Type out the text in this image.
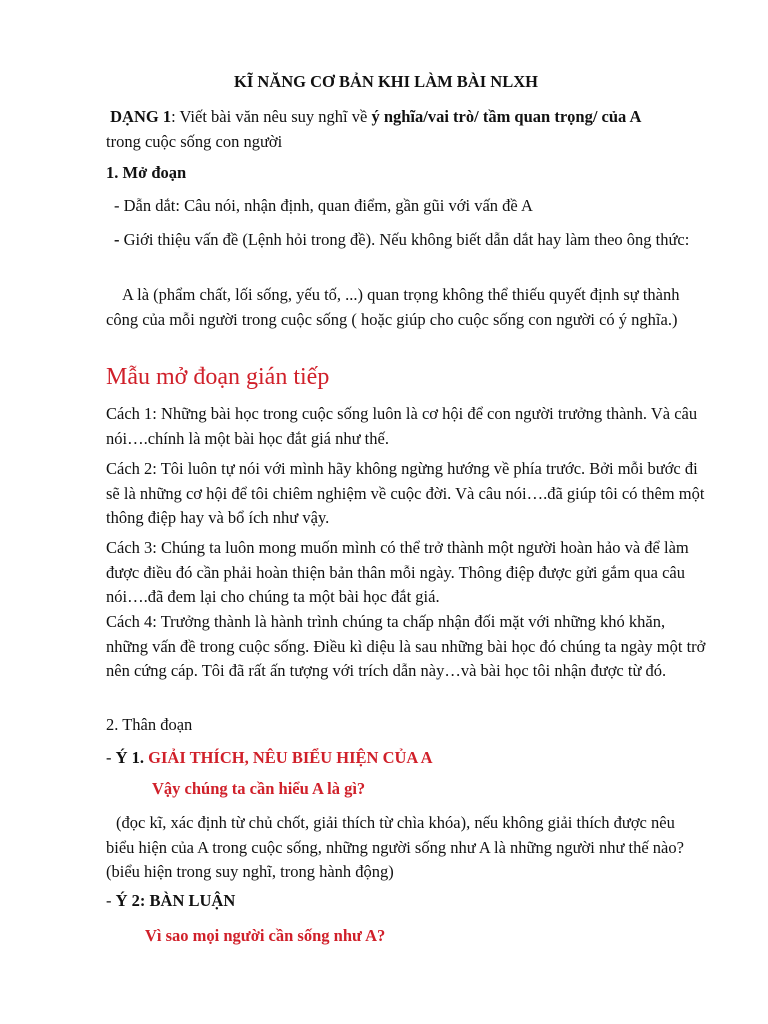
KĨ NĂNG CƠ BẢN KHI LÀM BÀI NLXH

DẠNG 1: Viết bài văn nêu suy nghĩ về ý nghĩa/vai trò/ tầm quan trọng/ của A
trong cuộc sống con người

1. Mở đoạn

- Dẫn dắt: Câu nói, nhận định, quan điểm, gần gũi với vấn đề A

- Giới thiệu vấn đề (Lệnh hỏi trong đề). Nếu không biết dẫn dắt hay làm theo ông thức:

A là (phẩm chất, lối sống, yếu tố, ...) quan trọng không thể thiếu quyết định sự thành công của mỗi người trong cuộc sống ( hoặc giúp cho cuộc sống con người có ý nghĩa.)

Mẫu mở đoạn gián tiếp

Cách 1: Những bài học trong cuộc sống luôn là cơ hội để con người trưởng thành. Và câu nói….chính là một bài học đắt giá như thế.

Cách 2: Tôi luôn tự nói với mình hãy không ngừng hướng về phía trước. Bởi mỗi bước đi sẽ là những cơ hội để tôi chiêm nghiệm về cuộc đời. Và câu nói….đã giúp tôi có thêm một thông điệp hay và bổ ích như vậy.

Cách 3: Chúng ta luôn mong muốn mình có thể trở thành một người hoàn hảo và để làm được điều đó cần phải hoàn thiện bản thân mỗi ngày. Thông điệp được gửi gắm qua câu nói….đã đem lại cho chúng ta một bài học đắt giá.

Cách 4: Trưởng thành là hành trình chúng ta chấp nhận đối mặt với những khó khăn, những vấn đề trong cuộc sống. Điều kì diệu là sau những bài học đó chúng ta ngày một trở nên cứng cáp. Tôi đã rất ấn tượng với trích dẫn này…và bài học tôi nhận được từ đó.

2. Thân đoạn

- Ý 1. GIẢI THÍCH, NÊU BIỂU HIỆN CỦA A

Vậy chúng ta cần hiểu A là gì?

(đọc kĩ, xác định từ chủ chốt, giải thích từ chìa khóa), nếu không giải thích được nêu biểu hiện của A trong cuộc sống, những người sống như A là những người như thế nào? (biểu hiện trong suy nghĩ, trong hành động)

- Ý 2: BÀN LUẬN

Vì sao mọi người cần sống như A?
